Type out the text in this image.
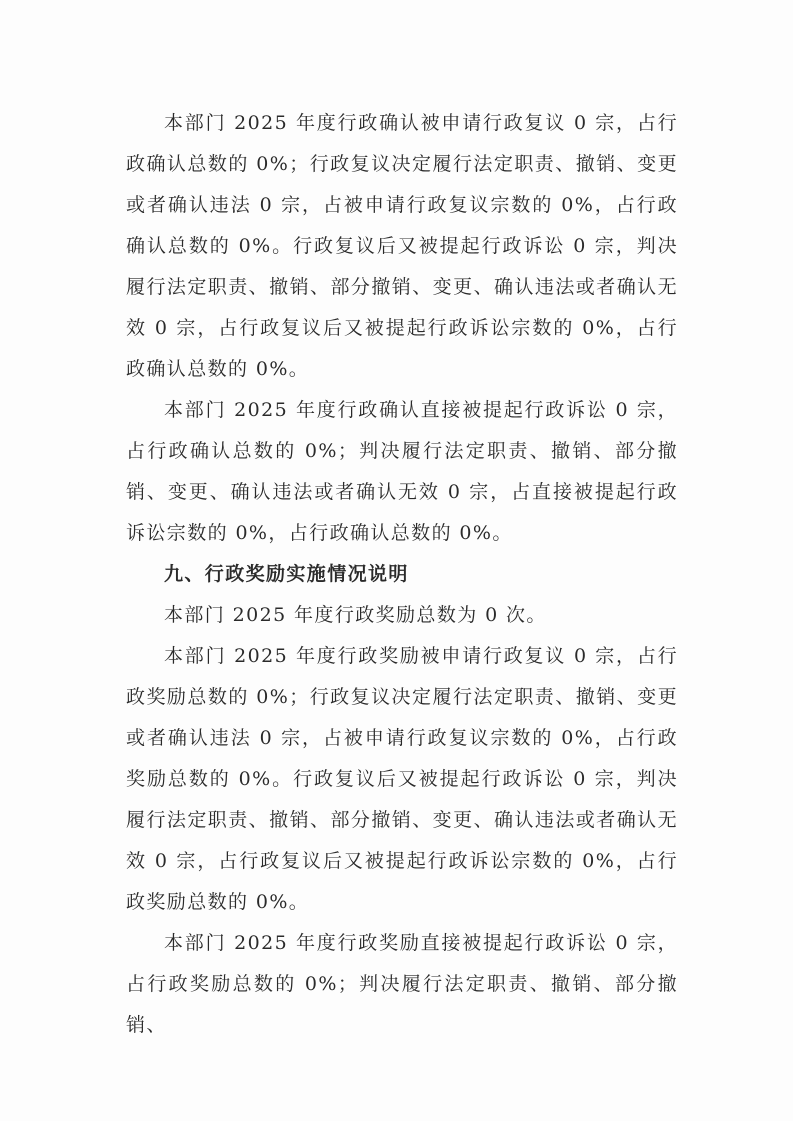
本部门 2025 年度行政确认被申请行政复议 0 宗，占行政确认总数的 0%；行政复议决定履行法定职责、撤销、变更或者确认违法 0 宗，占被申请行政复议宗数的 0%，占行政确认总数的 0%。行政复议后又被提起行政诉讼 0 宗，判决履行法定职责、撤销、部分撤销、变更、确认违法或者确认无效 0 宗，占行政复议后又被提起行政诉讼宗数的 0%，占行政确认总数的 0%。

本部门 2025 年度行政确认直接被提起行政诉讼 0 宗，占行政确认总数的 0%；判决履行法定职责、撤销、部分撤销、变更、确认违法或者确认无效 0 宗，占直接被提起行政诉讼宗数的 0%，占行政确认总数的 0%。

九、行政奖励实施情况说明

本部门 2025 年度行政奖励总数为 0 次。

本部门 2025 年度行政奖励被申请行政复议 0 宗，占行政奖励总数的 0%；行政复议决定履行法定职责、撤销、变更或者确认违法 0 宗，占被申请行政复议宗数的 0%，占行政奖励总数的 0%。行政复议后又被提起行政诉讼 0 宗，判决履行法定职责、撤销、部分撤销、变更、确认违法或者确认无效 0 宗，占行政复议后又被提起行政诉讼宗数的 0%，占行政奖励总数的 0%。

本部门 2025 年度行政奖励直接被提起行政诉讼 0 宗，占行政奖励总数的 0%；判决履行法定职责、撤销、部分撤销、
